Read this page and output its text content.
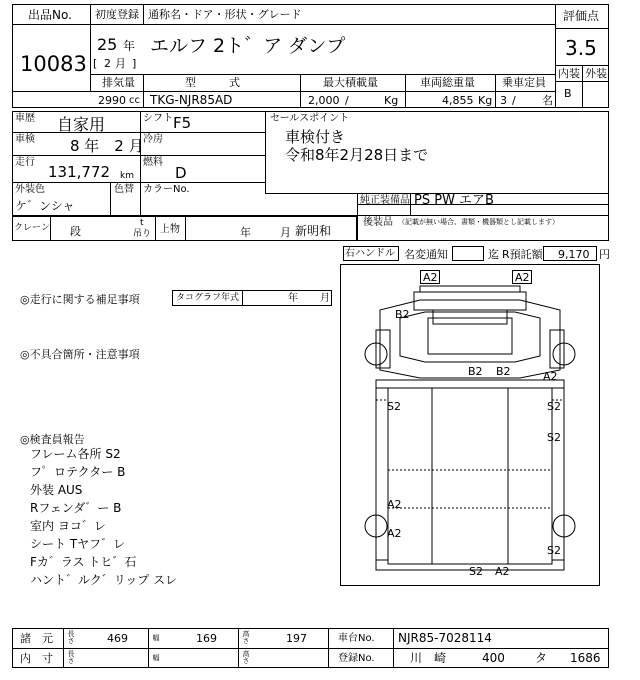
出品No.
10083
初度登録 通称名・ドア・形状・グレード
25 年
[ 2 月 ]
エルフ 2ト゛ア ダンプ
評価点
3.5
内装 外装
B
排気量	型　　　式	最大積載量	車両総重量 乗車定員
2990 cc TKG-NJR85AD	2,000 /	Kg	4,855 Kg 3 / 名
車歴 自家用	シフト F5
車検 8 年　2 月 冷房
走行
131,772 km
燃料
D
外装色
ケ゛ンシャ
色替 カラーNo.
セールスポイント
車検付き
令和8年2月28日まで
純正装備品 PS PW エアB
後装品 （記載が無い場合、書類・機器類とし記載します）
クレーン 段
t
吊り 上物	年	月 新明和
右ハンドル 名変通知	迄 R預託額 9,170 円
◎走行に関する補足事項	タコグラフ年式	年 月
◎不具合箇所・注意事項
◎検査員報告
フレーム各所 S2
フ゜ロテクター B
外装 AUS
Rフェンダ゛ー B
室内 ヨコ゛レ
シート Tヤフ゛レ
Fカ゛ラス トヒ゛石
ハント゛ルク゛リップ スレ
A2	A2
B2
B2 B2	A2
S2	S2
S2
A2
A2
S2
S2 A2
諸　元 長さ	469	幅	169	高さ	197	車台No. NJR85-7028114
内　寸 長さ	幅	高さ	登録No.	川　崎	400	タ 1686
